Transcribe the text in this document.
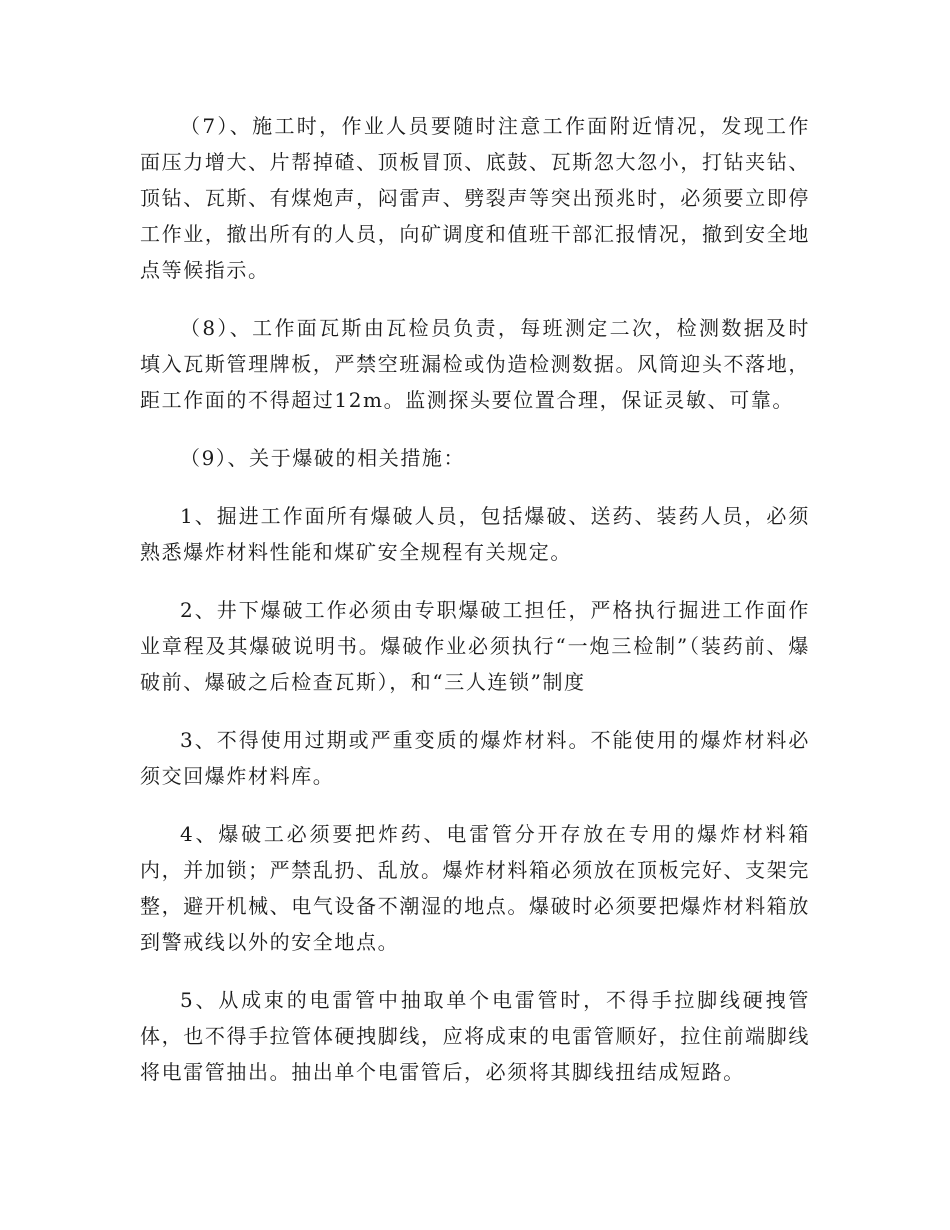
（7）、施工时，作业人员要随时注意工作面附近情况，发现工作面压力增大、片帮掉碴、顶板冒顶、底鼓、瓦斯忽大忽小，打钻夹钻、顶钻、瓦斯、有煤炮声，闷雷声、劈裂声等突出预兆时，必须要立即停工作业，撤出所有的人员，向矿调度和值班干部汇报情况，撤到安全地点等候指示。

（8）、工作面瓦斯由瓦检员负责，每班测定二次，检测数据及时填入瓦斯管理牌板，严禁空班漏检或伪造检测数据。风筒迎头不落地，距工作面的不得超过12m。监测探头要位置合理，保证灵敏、可靠。

（9）、关于爆破的相关措施：

1、掘进工作面所有爆破人员，包括爆破、送药、装药人员，必须熟悉爆炸材料性能和煤矿安全规程有关规定。

2、井下爆破工作必须由专职爆破工担任，严格执行掘进工作面作业章程及其爆破说明书。爆破作业必须执行“一炮三检制”（装药前、爆破前、爆破之后检查瓦斯），和“三人连锁”制度

3、不得使用过期或严重变质的爆炸材料。不能使用的爆炸材料必须交回爆炸材料库。

4、爆破工必须要把炸药、电雷管分开存放在专用的爆炸材料箱内，并加锁；严禁乱扔、乱放。爆炸材料箱必须放在顶板完好、支架完整，避开机械、电气设备不潮湿的地点。爆破时必须要把爆炸材料箱放到警戒线以外的安全地点。

5、从成束的电雷管中抽取单个电雷管时，不得手拉脚线硬拽管体，也不得手拉管体硬拽脚线，应将成束的电雷管顺好，拉住前端脚线将电雷管抽出。抽出单个电雷管后，必须将其脚线扭结成短路。
